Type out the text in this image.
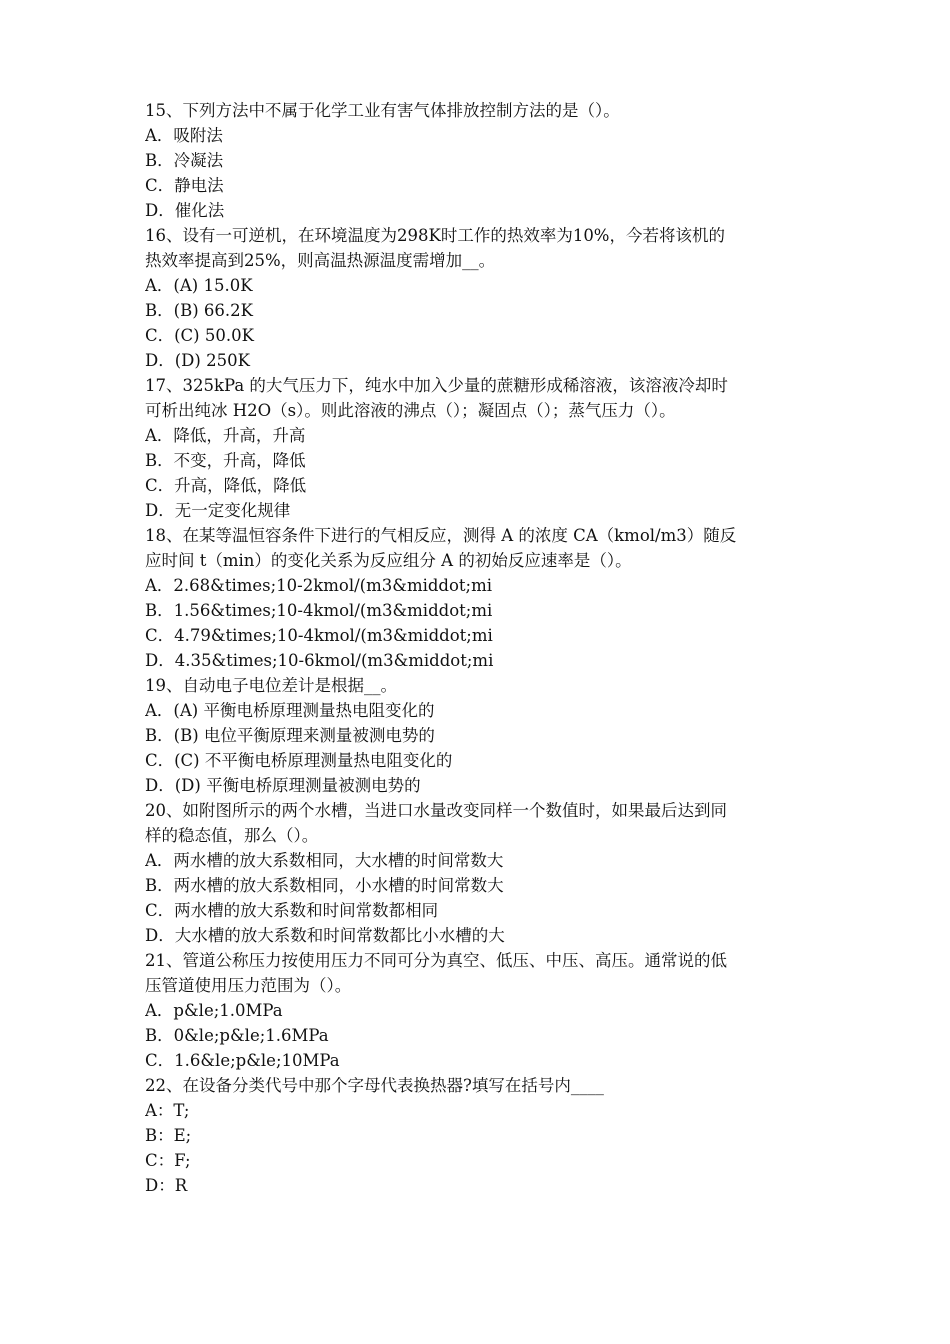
15、下列方法中不属于化学工业有害气体排放控制方法的是（）。
A．吸附法
B．冷凝法
C．静电法
D．催化法
16、设有一可逆机，在环境温度为298K时工作的热效率为10%，今若将该机的
热效率提高到25%，则高温热源温度需增加__。
A．(A) 15.0K
B．(B) 66.2K
C．(C) 50.0K
D．(D) 250K
17、325kPa 的大气压力下，纯水中加入少量的蔗糖形成稀溶液，该溶液冷却时
可析出纯冰 H2O（s）。则此溶液的沸点（）；凝固点（）；蒸气压力（）。
A．降低，升高，升高
B．不变，升高，降低
C．升高，降低，降低
D．无一定变化规律
18、在某等温恒容条件下进行的气相反应，测得 A 的浓度 CA（kmol/m3）随反
应时间 t（min）的变化关系为反应组分 A 的初始反应速率是（）。
A．2.68&times;10-2kmol/(m3&middot;mi
B．1.56&times;10-4kmol/(m3&middot;mi
C．4.79&times;10-4kmol/(m3&middot;mi
D．4.35&times;10-6kmol/(m3&middot;mi
19、自动电子电位差计是根据__。
A．(A) 平衡电桥原理测量热电阻变化的
B．(B) 电位平衡原理来测量被测电势的
C．(C) 不平衡电桥原理测量热电阻变化的
D．(D) 平衡电桥原理测量被测电势的
20、如附图所示的两个水槽，当进口水量改变同样一个数值时，如果最后达到同
样的稳态值，那么（）。
A．两水槽的放大系数相同，大水槽的时间常数大
B．两水槽的放大系数相同，小水槽的时间常数大
C．两水槽的放大系数和时间常数都相同
D．大水槽的放大系数和时间常数都比小水槽的大
21、管道公称压力按使用压力不同可分为真空、低压、中压、高压。通常说的低
压管道使用压力范围为（）。
A．p&le;1.0MPa
B．0&le;p&le;1.6MPa
C．1.6&le;p&le;10MPa
22、在设备分类代号中那个字母代表换热器?填写在括号内____
A：T;
B：E;
C：F;
D：R
